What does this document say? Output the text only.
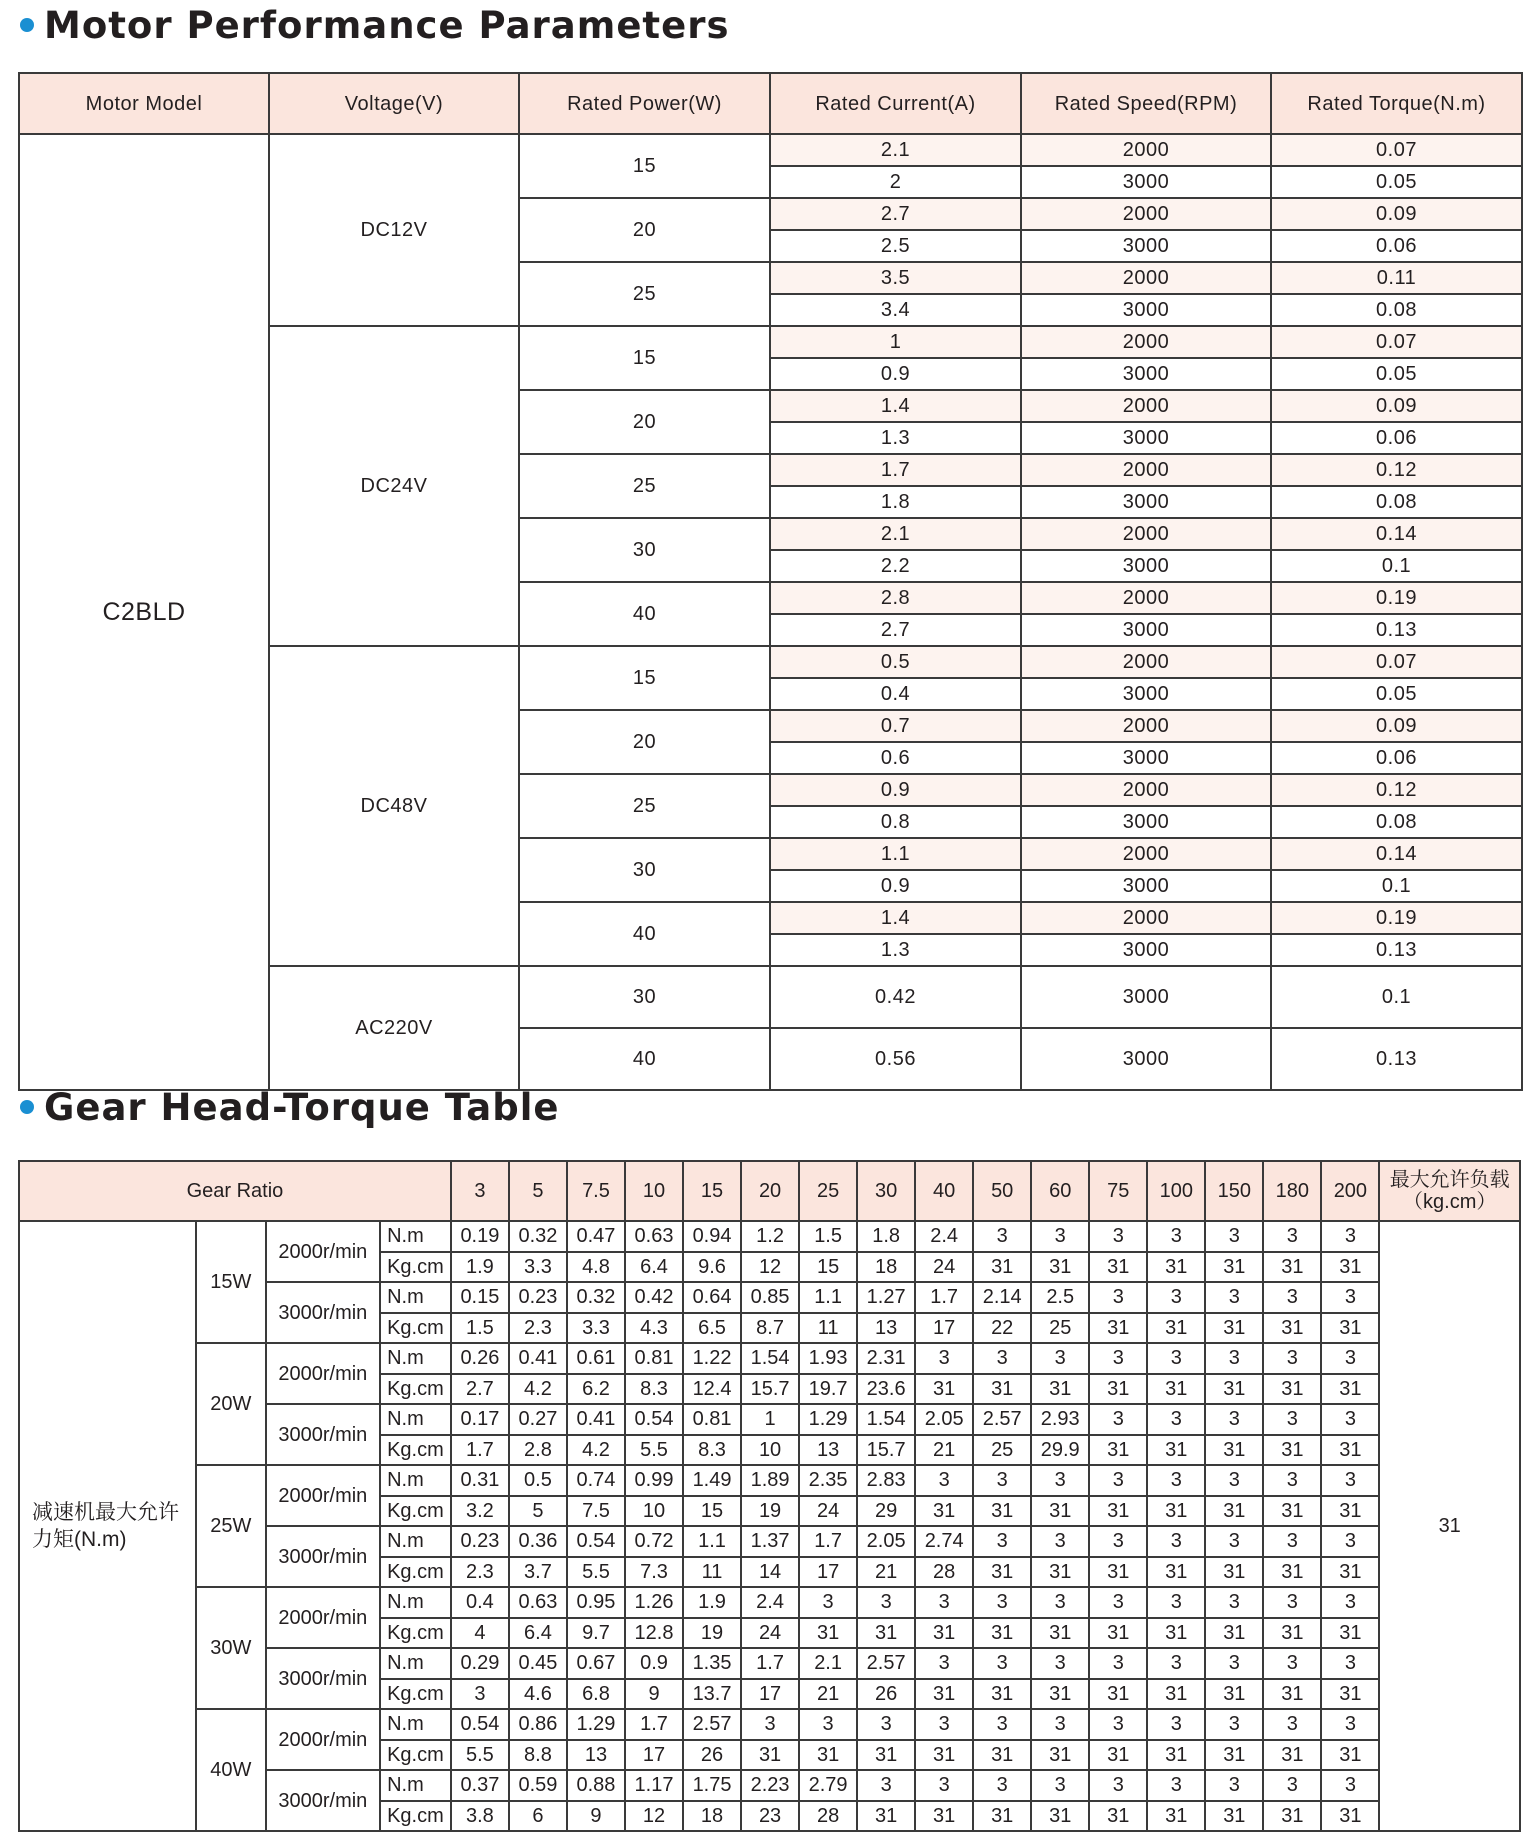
Motor Performance Parameters
Motor Model	Voltage(V)	Rated Power(W)	Rated Current(A)	Rated Speed(RPM)	Rated Torque(N.m)
C2BLD	DC12V	15	2.1	2000	0.07
			2	3000	0.05
		20	2.7	2000	0.09
			2.5	3000	0.06
		25	3.5	2000	0.11
			3.4	3000	0.08
	DC24V	15	1	2000	0.07
			0.9	3000	0.05
		20	1.4	2000	0.09
			1.3	3000	0.06
		25	1.7	2000	0.12
			1.8	3000	0.08
		30	2.1	2000	0.14
			2.2	3000	0.1
		40	2.8	2000	0.19
			2.7	3000	0.13
	DC48V	15	0.5	2000	0.07
			0.4	3000	0.05
		20	0.7	2000	0.09
			0.6	3000	0.06
		25	0.9	2000	0.12
			0.8	3000	0.08
		30	1.1	2000	0.14
			0.9	3000	0.1
		40	1.4	2000	0.19
			1.3	3000	0.13
	AC220V	30	0.42	3000	0.1
		40	0.56	3000	0.13
Gear Head-Torque Table
Gear Ratio				3	5	7.5	10	15	20	25	30	40	50	60	75	100	150	180	200	最大允许负载（kg.cm）
减速机最大允许力矩(N.m)	15W	2000r/min	N.m	0.19	0.32	0.47	0.63	0.94	1.2	1.5	1.8	2.4	3	3	3	3	3	3	3	31
			Kg.cm	1.9	3.3	4.8	6.4	9.6	12	15	18	24	31	31	31	31	31	31	31	
		3000r/min	N.m	0.15	0.23	0.32	0.42	0.64	0.85	1.1	1.27	1.7	2.14	2.5	3	3	3	3	3	
			Kg.cm	1.5	2.3	3.3	4.3	6.5	8.7	11	13	17	22	25	31	31	31	31	31	
	20W	2000r/min	N.m	0.26	0.41	0.61	0.81	1.22	1.54	1.93	2.31	3	3	3	3	3	3	3	3	
			Kg.cm	2.7	4.2	6.2	8.3	12.4	15.7	19.7	23.6	31	31	31	31	31	31	31	31	
		3000r/min	N.m	0.17	0.27	0.41	0.54	0.81	1	1.29	1.54	2.05	2.57	2.93	3	3	3	3	3	
			Kg.cm	1.7	2.8	4.2	5.5	8.3	10	13	15.7	21	25	29.9	31	31	31	31	31	
	25W	2000r/min	N.m	0.31	0.5	0.74	0.99	1.49	1.89	2.35	2.83	3	3	3	3	3	3	3	3	
			Kg.cm	3.2	5	7.5	10	15	19	24	29	31	31	31	31	31	31	31	31	
		3000r/min	N.m	0.23	0.36	0.54	0.72	1.1	1.37	1.7	2.05	2.74	3	3	3	3	3	3	3	
			Kg.cm	2.3	3.7	5.5	7.3	11	14	17	21	28	31	31	31	31	31	31	31	
	30W	2000r/min	N.m	0.4	0.63	0.95	1.26	1.9	2.4	3	3	3	3	3	3	3	3	3	3	
			Kg.cm	4	6.4	9.7	12.8	19	24	31	31	31	31	31	31	31	31	31	31	
		3000r/min	N.m	0.29	0.45	0.67	0.9	1.35	1.7	2.1	2.57	3	3	3	3	3	3	3	3	
			Kg.cm	3	4.6	6.8	9	13.7	17	21	26	31	31	31	31	31	31	31	31	
	40W	2000r/min	N.m	0.54	0.86	1.29	1.7	2.57	3	3	3	3	3	3	3	3	3	3	3	
			Kg.cm	5.5	8.8	13	17	26	31	31	31	31	31	31	31	31	31	31	31	
		3000r/min	N.m	0.37	0.59	0.88	1.17	1.75	2.23	2.79	3	3	3	3	3	3	3	3	3	
			Kg.cm	3.8	6	9	12	18	23	28	31	31	31	31	31	31	31	31	31	
